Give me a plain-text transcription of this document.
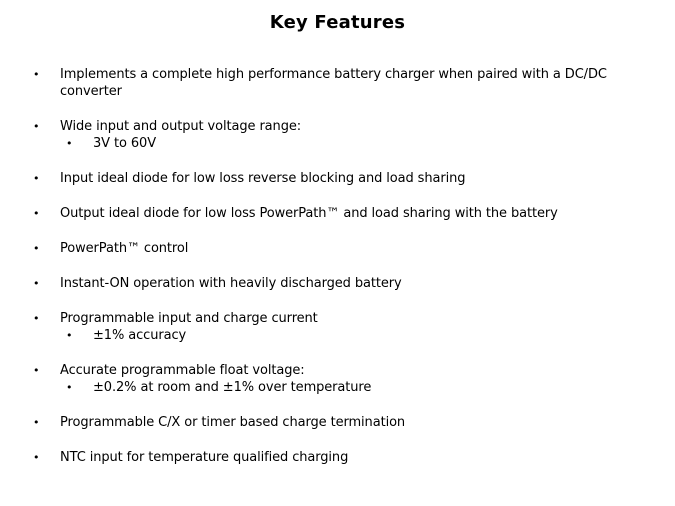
Key Features
•	Implements a complete high performance battery charger when paired with a DC/DC converter
•	Wide input and output voltage range:
•	3V to 60V
•	Input ideal diode for low loss reverse blocking and load sharing
•	Output ideal diode for low loss PowerPath™ and load sharing with the battery
•	PowerPath™ control
•	Instant-ON operation with heavily discharged battery
•	Programmable input and charge current
•	±1% accuracy
•	Accurate programmable float voltage:
•	±0.2% at room and ±1% over temperature
•	Programmable C/X or timer based charge termination
•	NTC input for temperature qualified charging
